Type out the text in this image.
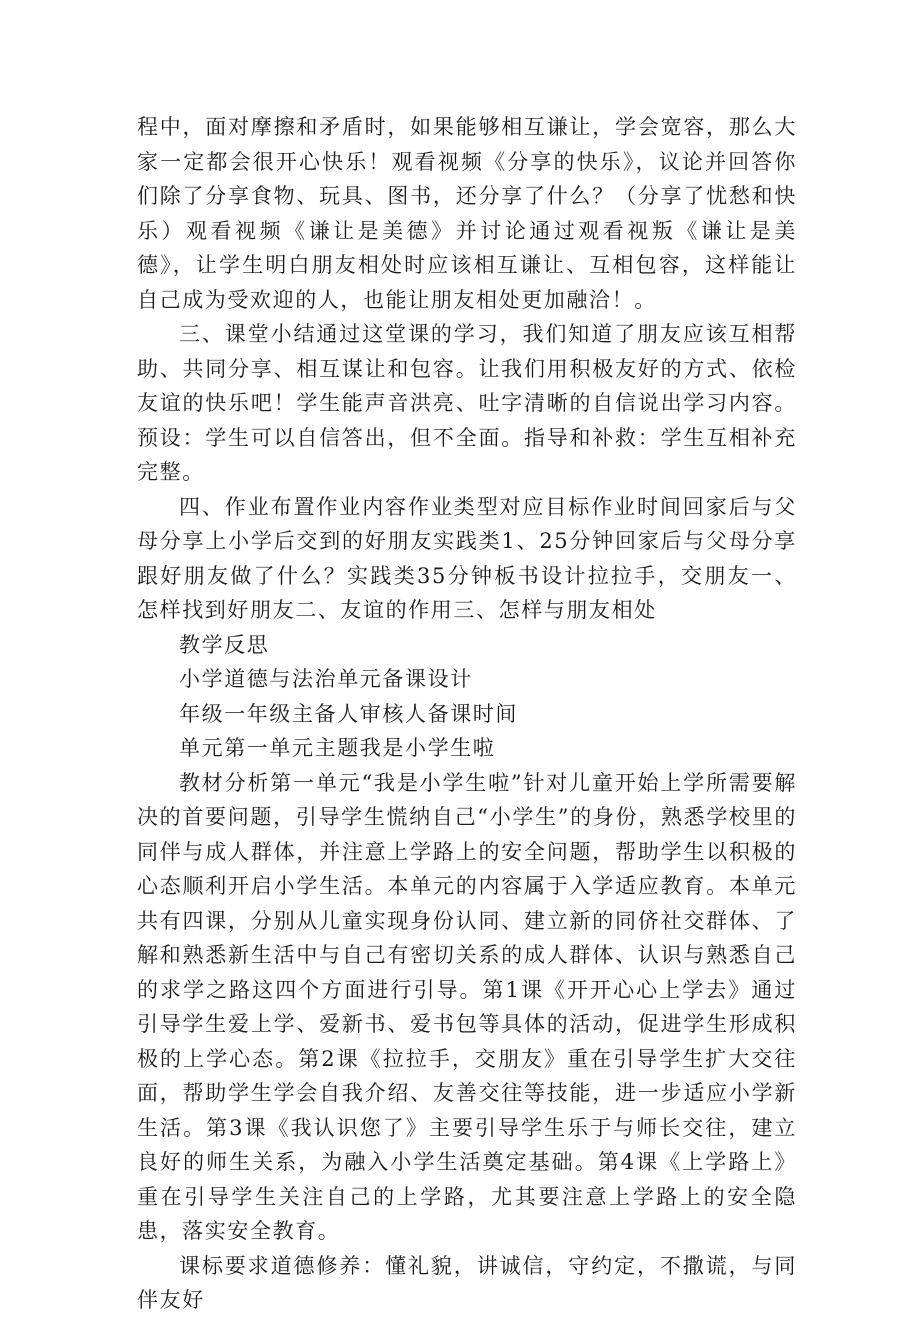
程中，面对摩擦和矛盾时，如果能够相互谦让，学会宽容，那么大家一定都会很开心快乐！观看视频《分享的快乐》，议论并回答你们除了分享食物、玩具、图书，还分享了什么？（分享了忧愁和快乐）观看视频《谦让是美德》并讨论通过观看视叛《谦让是美德》，让学生明白朋友相处时应该相互谦让、互相包容，这样能让自己成为受欢迎的人，也能让朋友相处更加融洽！。

三、课堂小结通过这堂课的学习，我们知道了朋友应该互相帮助、共同分享、相互谋让和包容。让我们用积极友好的方式、依检友谊的快乐吧！学生能声音洪亮、吐字清晰的自信说出学习内容。预设：学生可以自信答出，但不全面。指导和补救：学生互相补充完整。

四、作业布置作业内容作业类型对应目标作业时间回家后与父母分享上小学后交到的好朋友实践类1、25分钟回家后与父母分享跟好朋友做了什么？实践类35分钟板书设计拉拉手，交朋友一、怎样找到好朋友二、友谊的作用三、怎样与朋友相处

教学反思

小学道德与法治单元备课设计

年级一年级主备人审核人备课时间

单元第一单元主题我是小学生啦

教材分析第一单元“我是小学生啦”针对儿童开始上学所需要解决的首要问题，引导学生慌纳自己“小学生”的身份，熟悉学校里的同伴与成人群体，并注意上学路上的安全问题，帮助学生以积极的心态顺利开启小学生活。本单元的内容属于入学适应教育。本单元共有四课，分别从儿童实现身份认同、建立新的同侪社交群体、了解和熟悉新生活中与自己有密切关系的成人群体、认识与熟悉自己的求学之路这四个方面进行引导。第1课《开开心心上学去》通过引导学生爱上学、爱新书、爱书包等具体的活动，促进学生形成积极的上学心态。第2课《拉拉手，交朋友》重在引导学生扩大交往面，帮助学生学会自我介绍、友善交往等技能，进一步适应小学新生活。第3课《我认识您了》主要引导学生乐于与师长交往，建立良好的师生关系，为融入小学生活奠定基础。第4课《上学路上》重在引导学生关注自己的上学路，尤其要注意上学路上的安全隐患，落实安全教育。

课标要求道德修养：懂礼貌，讲诚信，守约定，不撒谎，与同伴友好
